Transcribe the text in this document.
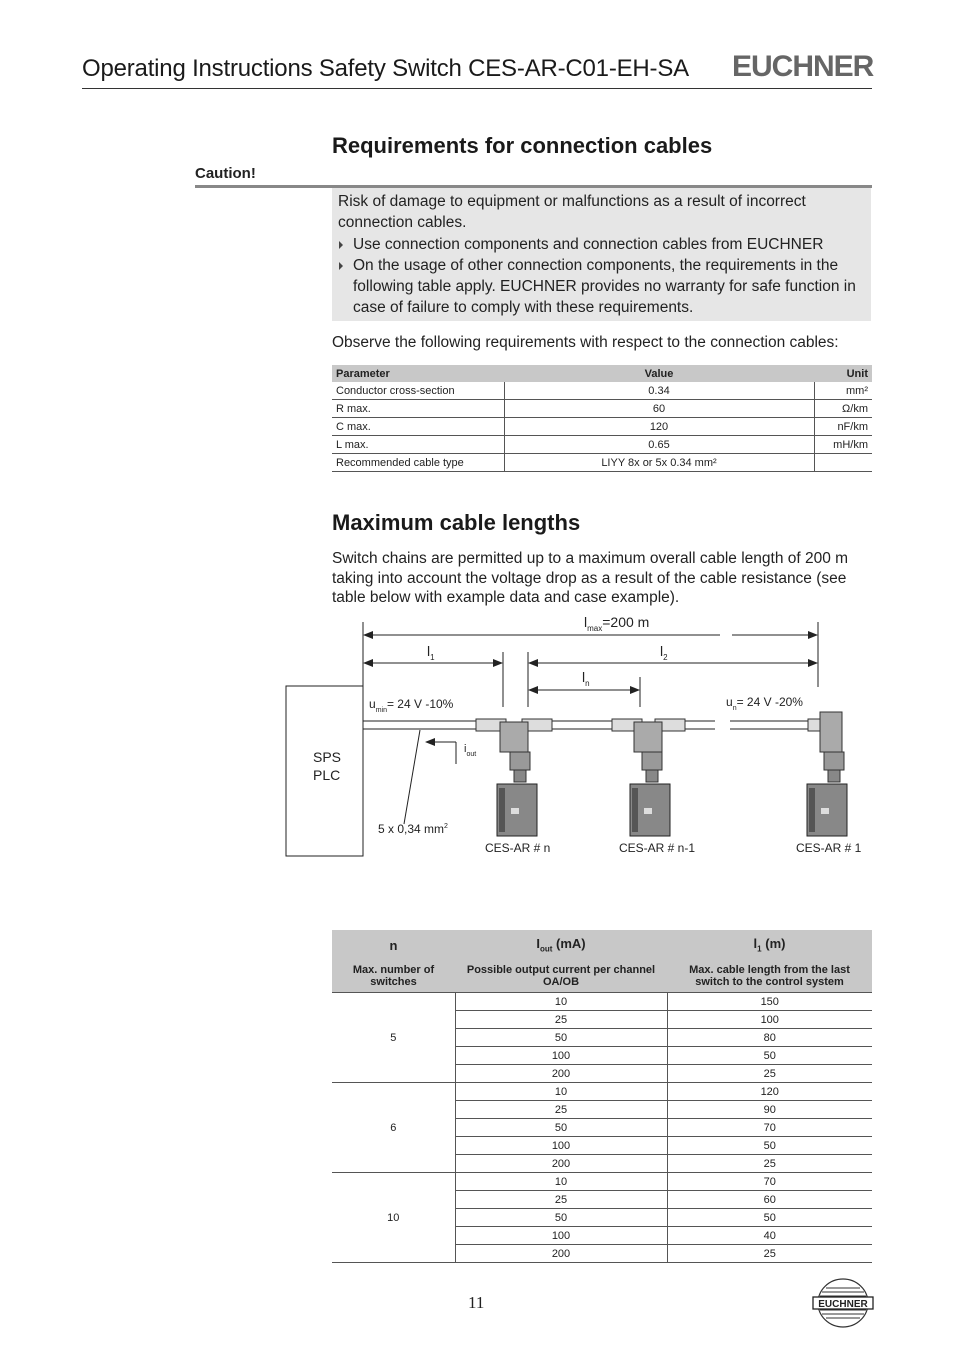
Operating Instructions Safety Switch CES-AR-C01-EH-SA EUCHNER
Requirements for connection cables
Caution!
Risk of damage to equipment or malfunctions as a result of incorrect connection cables.
Use connection components and connection cables from EUCHNER
On the usage of other connection components, the requirements in the following table apply. EUCHNER provides no warranty for safe function in case of failure to comply with these requirements.
Observe the following requirements with respect to the connection cables:
Parameter	Value	Unit
Conductor cross-section	0.34	mm²
R max.	60	Ω/km
C max.	120	nF/km
L max.	0.65	mH/km
Recommended cable type	LIYY 8x or 5x 0.34 mm²	
Maximum cable lengths
Switch chains are permitted up to a maximum overall cable length of 200 m taking into account the voltage drop as a result of the cable resistance (see table below with example data and case example).
$l_{max}=200$ m
$l_1$	$l_2$
$l_n$
$u_{min}= 24$ V -10%	$u_n= 24$ V -20%
$i_{out}$
SPS
PLC
5 x 0,34 $mm^2$
CES-AR # n	CES-AR # n-1	CES-AR # 1
n	$I_{out}$ (mA)	$l_1$ (m)
Max. number of switches	Possible output current per channel OA/OB	Max. cable length from the last switch to the control system
5	10	150
	25	100
	50	80
	100	50
	200	25
6	10	120
	25	90
	50	70
	100	50
	200	25
10	10	70
	25	60
	50	50
	100	40
	200	25
11	EUCHNER
